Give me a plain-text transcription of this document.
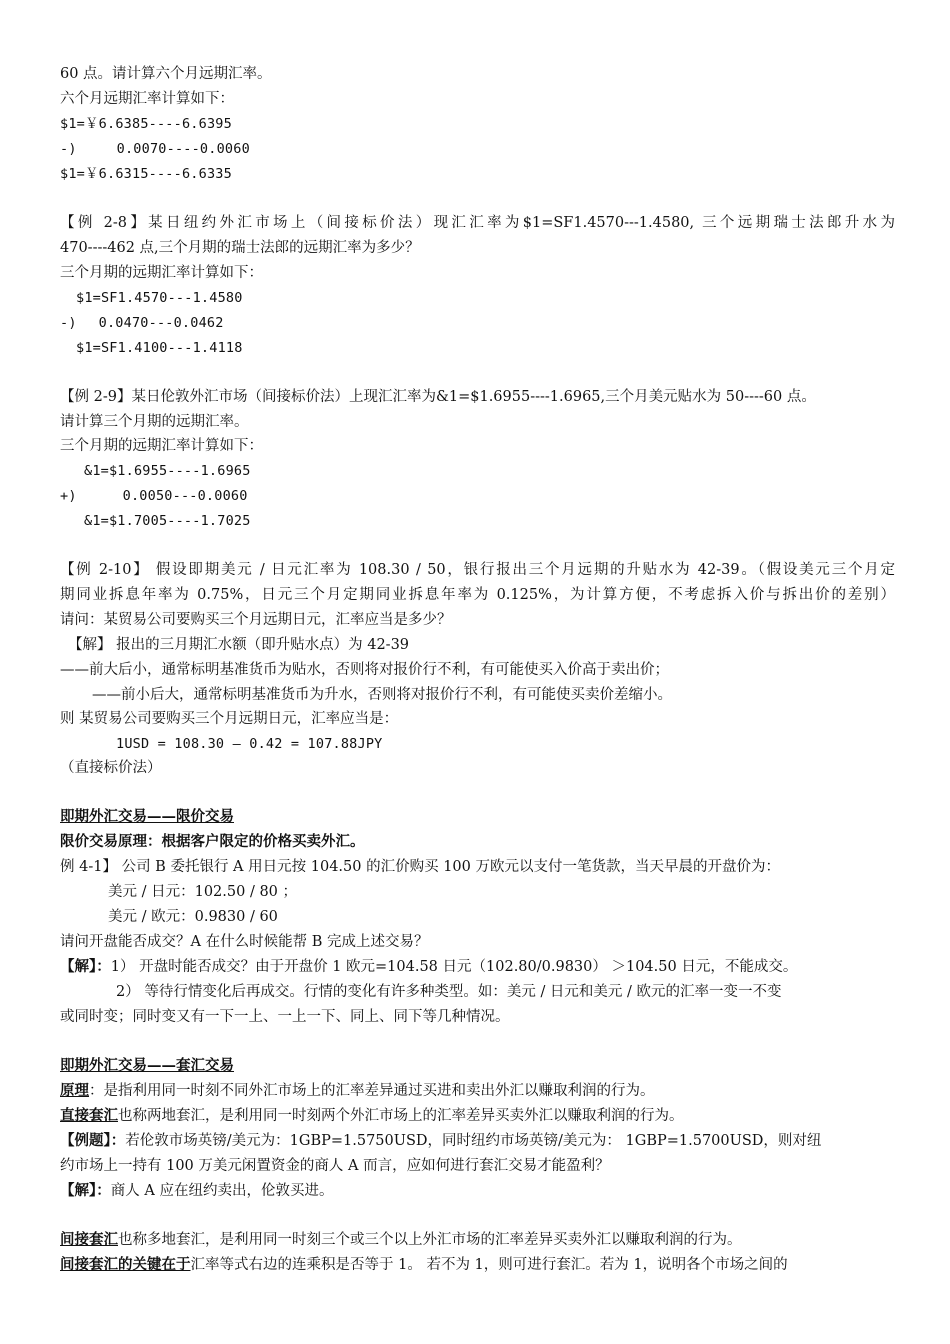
60 点。请计算六个月远期汇率。
六个月远期汇率计算如下：
$1=￥6.6385----6.6395
-)	0.0070----0.0060
$1=￥6.6315----6.6335
【例 2-8】某日纽约外汇市场上（间接标价法）现汇汇率为$1=SF1.4570---1.4580, 三个远期瑞士法郎升水为
470----462 点,三个月期的瑞士法郎的远期汇率为多少？
三个月期的远期汇率计算如下：
$1=SF1.4570---1.4580
-) 0.0470---0.0462
$1=SF1.4100---1.4118
【例 2-9】某日伦敦外汇市场（间接标价法）上现汇汇率为&1=$1.6955----1.6965,三个月美元贴水为 50----60 点。
请计算三个月期的远期汇率。
三个月期的远期汇率计算如下：
&1=$1.6955----1.6965
+)	0.0050---0.0060
&1=$1.7005----1.7025
【例 2-10】 假设即期美元 / 日元汇率为 108.30 / 50，银行报出三个月远期的升贴水为 42-39。（假设美元三个月定
期同业拆息年率为 0.75%，日元三个月定期同业拆息年率为 0.125%，为计算方便，不考虑拆入价与拆出价的差别）
请问：某贸易公司要购买三个月远期日元，汇率应当是多少？
【解】 报出的三月期汇水额（即升贴水点）为 42-39
——前大后小，通常标明基准货币为贴水，否则将对报价行不利，有可能使买入价高于卖出价；
——前小后大，通常标明基准货币为升水，否则将对报价行不利，有可能使买卖价差缩小。
则 某贸易公司要购买三个月远期日元，汇率应当是：
1USD = 108.30 – 0.42 = 107.88JPY
（直接标价法）
即期外汇交易——限价交易
限价交易原理：根据客户限定的价格买卖外汇。
例 4-1】 公司 B 委托银行 A 用日元按 104.50 的汇价购买 100 万欧元以支付一笔货款，当天早晨的开盘价为：
美元 / 日元：102.50 / 80 ；
美元 / 欧元：0.9830 / 60
请问开盘能否成交？A 在什么时候能帮 B 完成上述交易？
【解】：1） 开盘时能否成交？由于开盘价 1 欧元=104.58 日元（102.80/0.9830） ＞104.50 日元，不能成交。
2） 等待行情变化后再成交。行情的变化有许多种类型。如：美元 / 日元和美元 / 欧元的汇率一变一不变
或同时变；同时变又有一下一上、一上一下、同上、同下等几种情况。
即期外汇交易——套汇交易
原理：是指利用同一时刻不同外汇市场上的汇率差异通过买进和卖出外汇以赚取利润的行为。
直接套汇也称两地套汇，是利用同一时刻两个外汇市场上的汇率差异买卖外汇以赚取利润的行为。
【例题】：若伦敦市场英镑/美元为：1GBP=1.5750USD，同时纽约市场英镑/美元为： 1GBP=1.5700USD，则对纽
约市场上一持有 100 万美元闲置资金的商人 A 而言，应如何进行套汇交易才能盈利？
【解】：商人 A 应在纽约卖出，伦敦买进。
间接套汇也称多地套汇，是利用同一时刻三个或三个以上外汇市场的汇率差异买卖外汇以赚取利润的行为。
间接套汇的关键在于汇率等式右边的连乘积是否等于 1。 若不为 1，则可进行套汇。若为 1，说明各个市场之间的
